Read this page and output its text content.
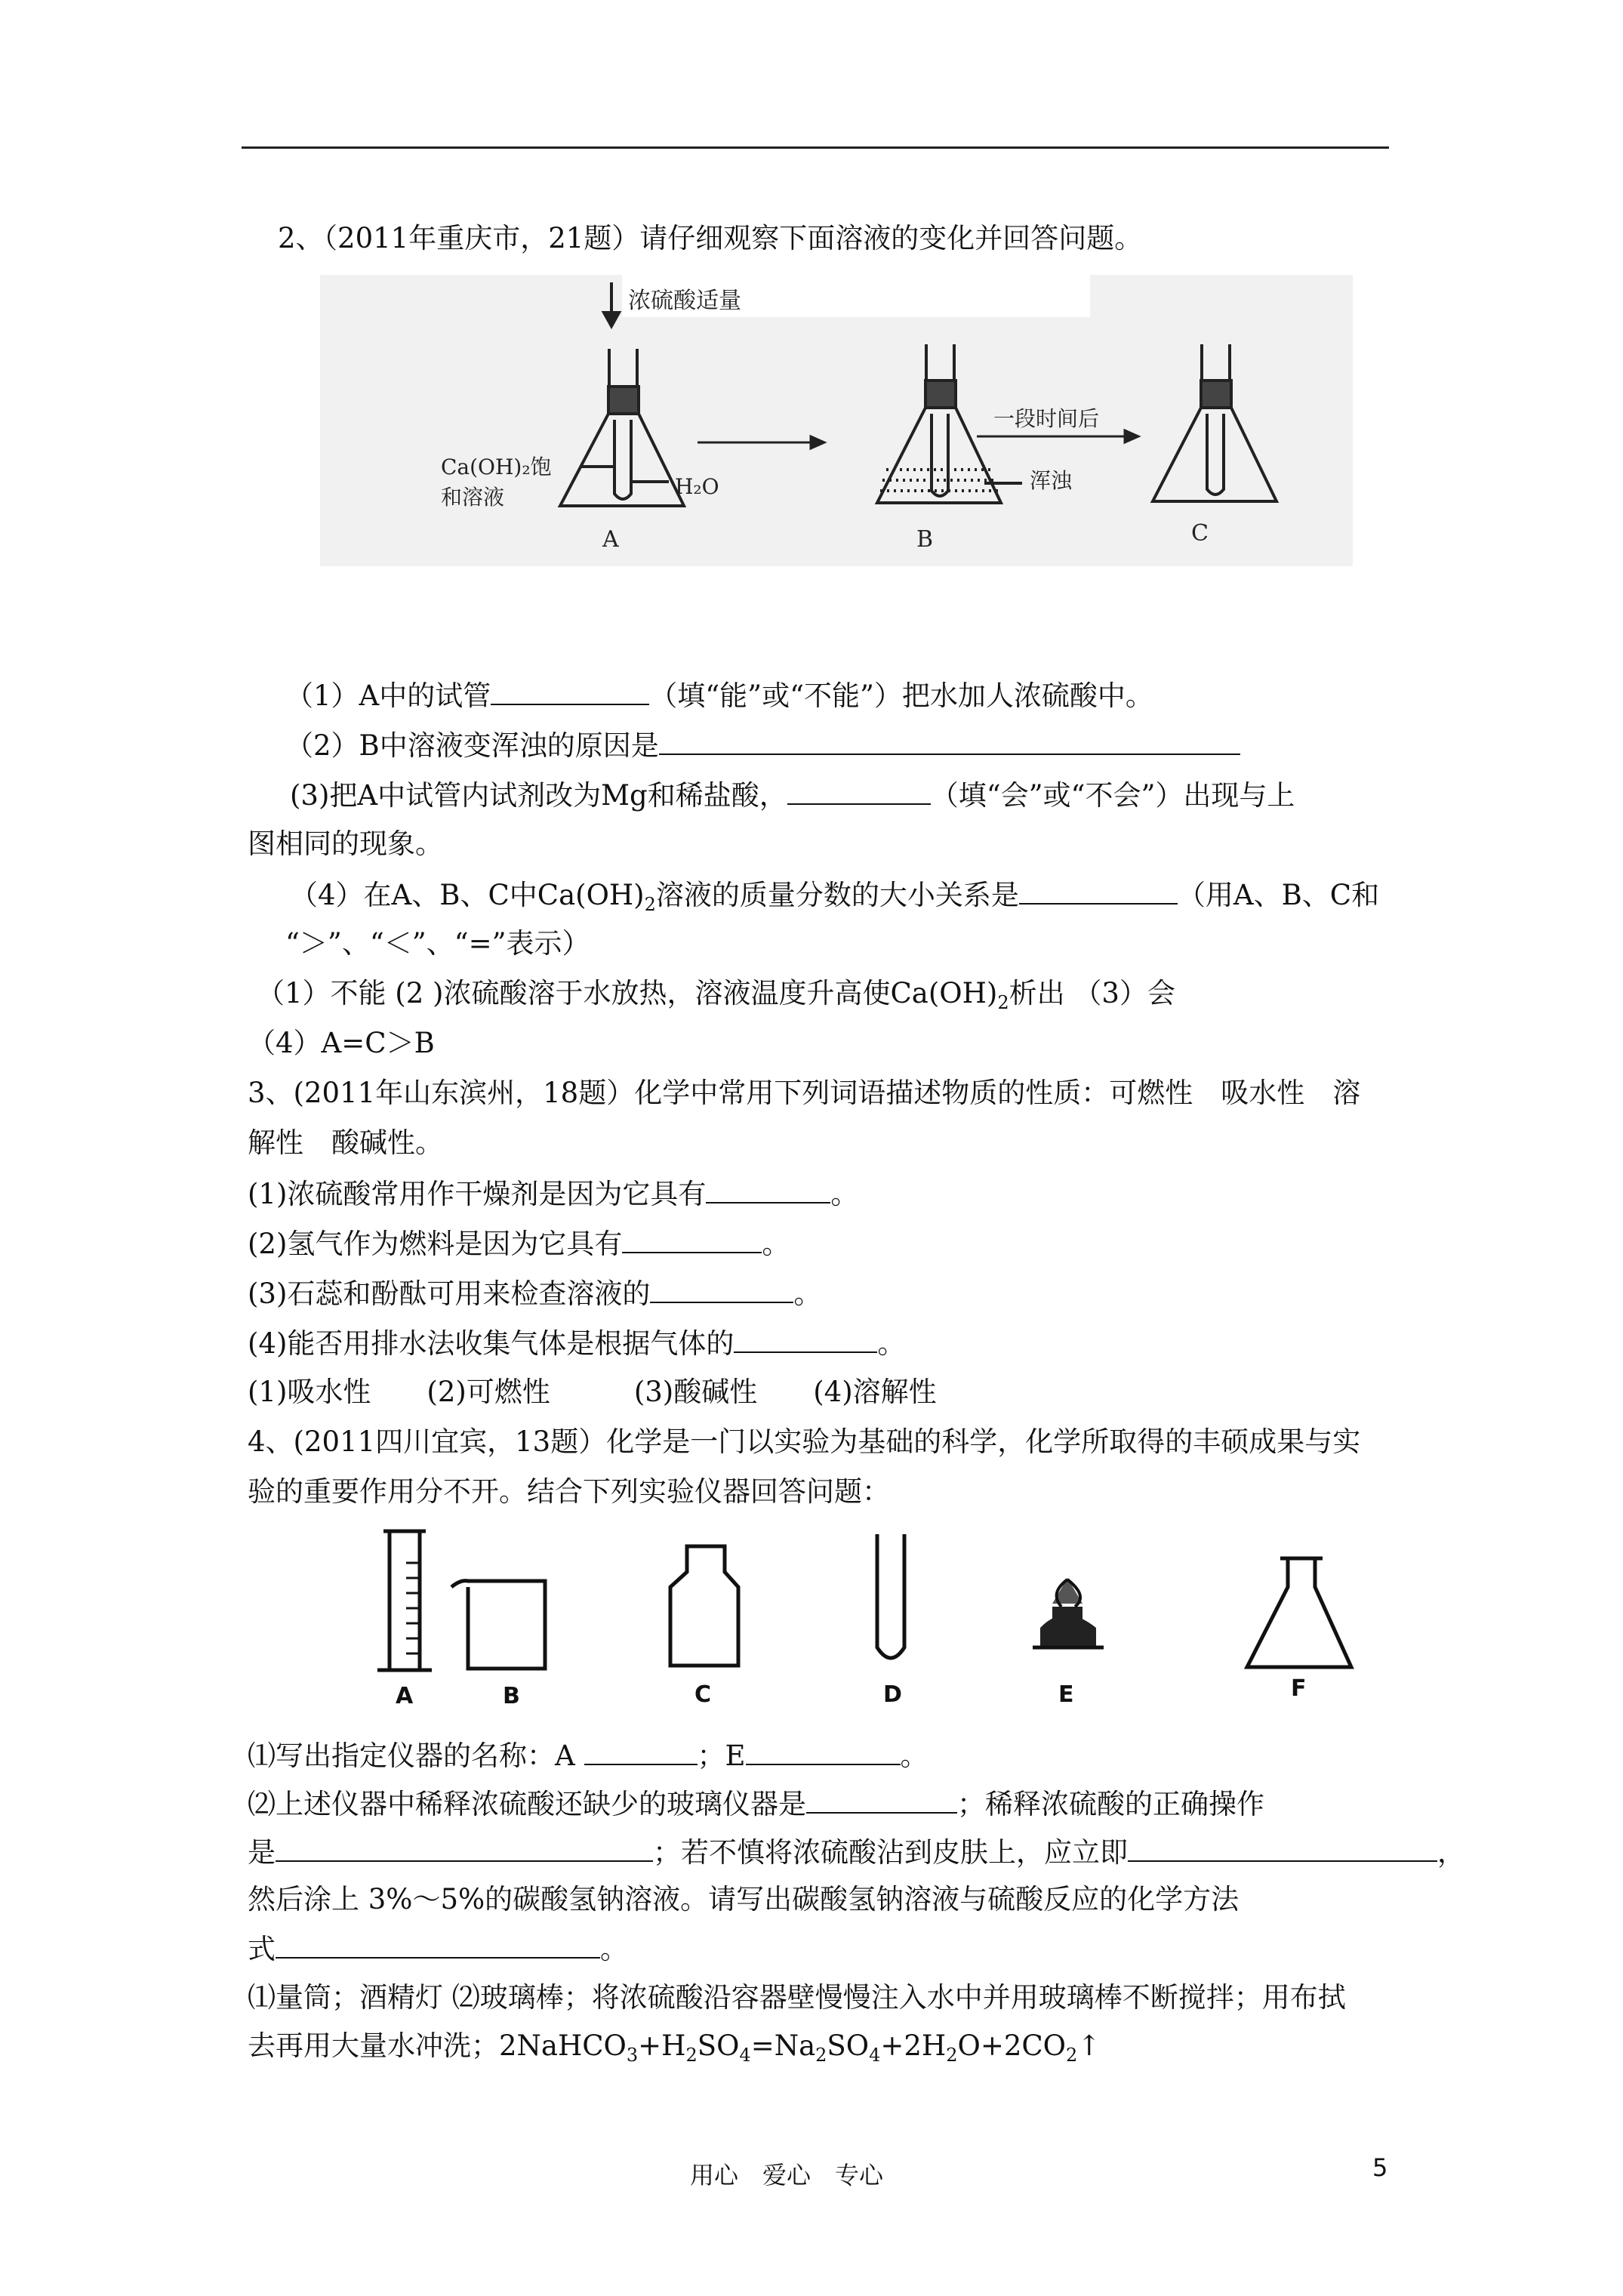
2、（2011年重庆市，21题）请仔细观察下面溶液的变化并回答问题。
浓硫酸适量
Ca(OH)₂饱
和溶液	H₂O	浑浊
一段时间后
A	B	C
（1）A中的试管	（填“能”或“不能”）把水加人浓硫酸中。
（2）B中溶液变浑浊的原因是
(3)把A中试管内试剂改为Mg和稀盐酸，	（填“会”或“不会”）出现与上
图相同的现象。
（4）在A、B、C中$Ca(OH)_2$溶液的质量分数的大小关系是	（用A、B、C和
“＞”、“＜”、“=”表示）
（1）不能 (2 )浓硫酸溶于水放热，溶液温度升高使$Ca(OH)_2$析出 （3）会
（4）A=C＞B
3、(2011年山东滨州，18题）化学中常用下列词语描述物质的性质：可燃性　吸水性　溶
解性　酸碱性。
(1)浓硫酸常用作干燥剂是因为它具有	。
(2)氢气作为燃料是因为它具有	。
(3)石蕊和酚酞可用来检查溶液的	。
(4)能否用排水法收集气体是根据气体的	。
(1)吸水性　　(2)可燃性　　　(3)酸碱性　　(4)溶解性
4、(2011四川宜宾，13题）化学是一门以实验为基础的科学，化学所取得的丰硕成果与实
验的重要作用分不开。结合下列实验仪器回答问题：
A	B	C	D	E	F
⑴写出指定仪器的名称：A	；E	。
⑵上述仪器中稀释浓硫酸还缺少的玻璃仪器是	；稀释浓硫酸的正确操作
是	；若不慎将浓硫酸沾到皮肤上，应立即	，
然后涂上 3%～5%的碳酸氢钠溶液。请写出碳酸氢钠溶液与硫酸反应的化学方法
式	。
⑴量筒；酒精灯 ⑵玻璃棒；将浓硫酸沿容器壁慢慢注入水中并用玻璃棒不断搅拌；用布拭
去再用大量水冲洗；$2NaHCO_3+H_2SO_4=Na_2SO_4+2H_2O+2CO_2↑$
用心　爱心　专心	5
